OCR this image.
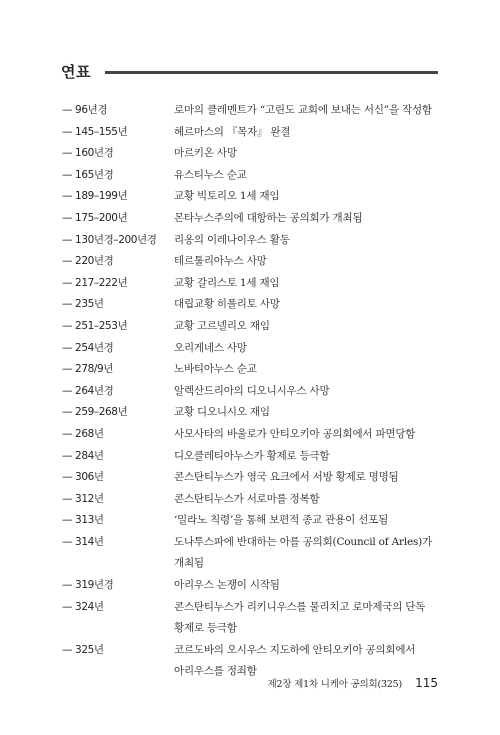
연표
— 96년경	로마의 클레멘트가 “고린도 교회에 보내는 서신”을 작성함
— 145–155년	헤르마스의 『목자』 완결
— 160년경	마르키온 사망
— 165년경	유스티누스 순교
— 189–199년	교황 빅토리오 1세 재임
— 175–200년	몬타누스주의에 대항하는 공의회가 개최됨
— 130년경–200년경	리옹의 이레나이우스 활동
— 220년경	테르툴리아누스 사망
— 217–222년	교황 갈리스토 1세 재임
— 235년	대립교황 히폴리토 사망
— 251–253년	교황 고르넬리오 재임
— 254년경	오리게네스 사망
— 278/9년	노바티아누스 순교
— 264년경	알렉산드리아의 디오니시우스 사망
— 259–268년	교황 디오니시오 재임
— 268년	사모사타의 바울로가 안티오키아 공의회에서 파면당함
— 284년	디오클레티아누스가 황제로 등극함
— 306년	콘스탄티누스가 영국 요크에서 서방 황제로 명명됨
— 312년	콘스탄티누스가 서로마를 정복함
— 313년	‘밀라노 칙령’을 통해 보편적 종교 관용이 선포됨
— 314년	도나투스파에 반대하는 아를 공의회(Council of Arles)가 개최됨
— 319년경	아리우스 논쟁이 시작됨
— 324년	콘스탄티누스가 리키니우스를 물리치고 로마제국의 단독 황제로 등극함
— 325년	코르도바의 오시우스 지도하에 안티오키아 공의회에서 아리우스를 정죄함
제2장 제1차 니케아 공의회(325) 115
